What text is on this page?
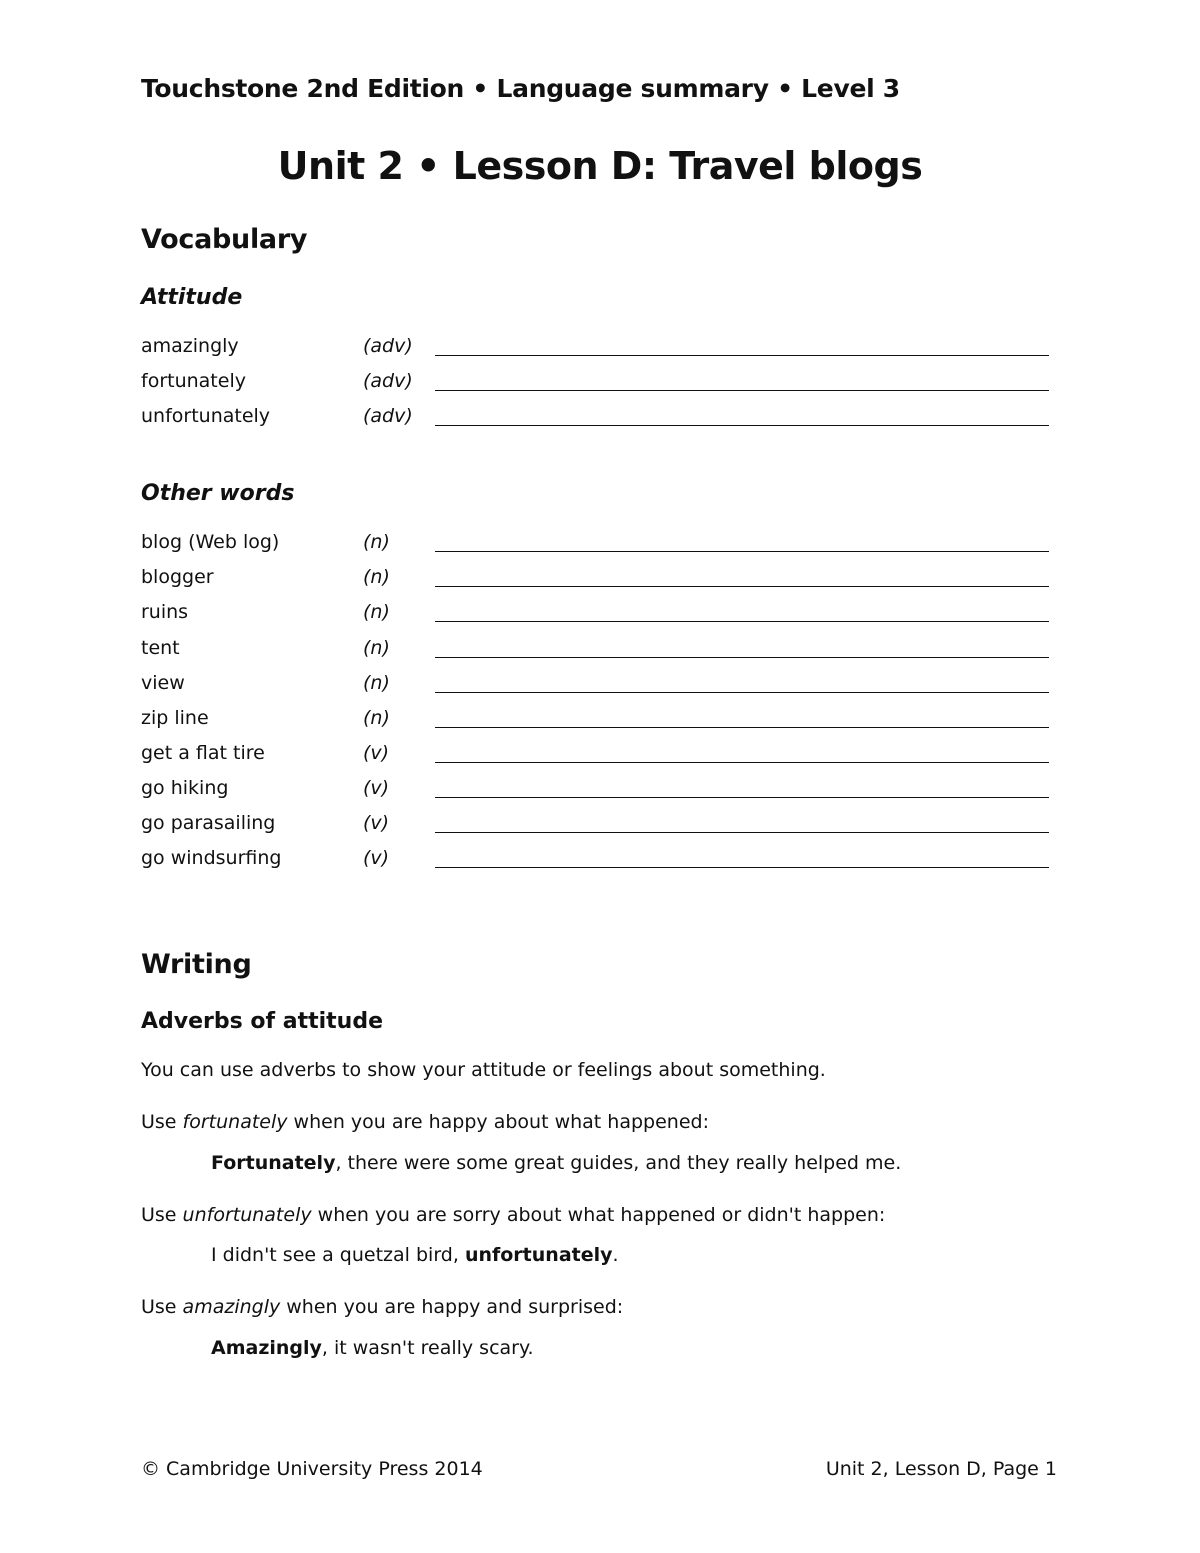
Touchstone 2nd Edition • Language summary • Level 3
Unit 2 • Lesson D: Travel blogs
Vocabulary
Attitude
amazingly	(adv)
fortunately	(adv)
unfortunately	(adv)
Other words
blog (Web log)	(n)
blogger	(n)
ruins	(n)
tent	(n)
view	(n)
zip line	(n)
get a flat tire	(v)
go hiking	(v)
go parasailing	(v)
go windsurfing	(v)
Writing
Adverbs of attitude
You can use adverbs to show your attitude or feelings about something.
Use fortunately when you are happy about what happened:
Fortunately, there were some great guides, and they really helped me.
Use unfortunately when you are sorry about what happened or didn't happen:
I didn't see a quetzal bird, unfortunately.
Use amazingly when you are happy and surprised:
Amazingly, it wasn't really scary.
© Cambridge University Press 2014	Unit 2, Lesson D, Page 1
